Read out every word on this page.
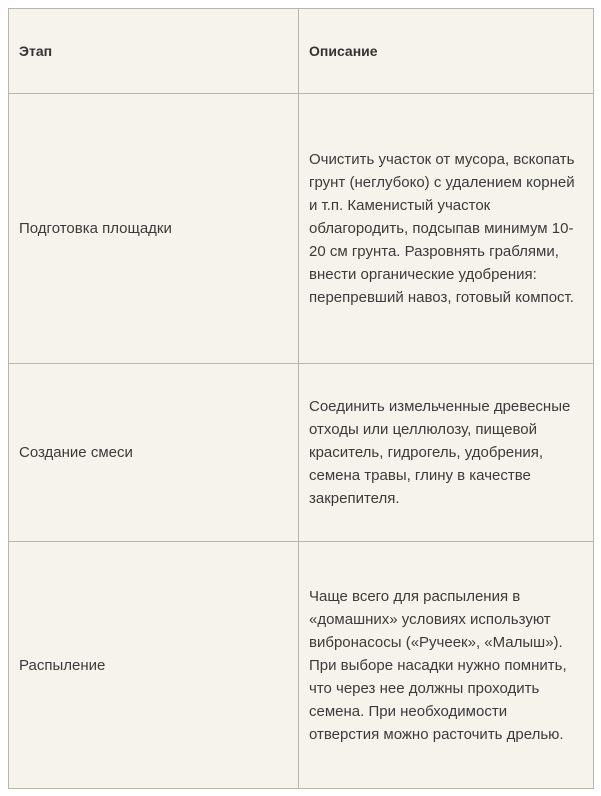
Этап	Описание
Подготовка площадки	Очистить участок от мусора, вскопать грунт (неглубоко) с удалением корней и т.п. Каменистый участок облагородить, подсыпав минимум 10-20 см грунта. Разровнять граблями, внести органические удобрения: перепревший навоз, готовый компост.
Создание смеси	Соединить измельченные древесные отходы или целлюлозу, пищевой краситель, гидрогель, удобрения, семена травы, глину в качестве закрепителя.
Распыление	Чаще всего для распыления в «домашних» условиях используют вибронасосы («Ручеек», «Малыш»). При выборе насадки нужно помнить, что через нее должны проходить семена. При необходимости отверстия можно расточить дрелью.
